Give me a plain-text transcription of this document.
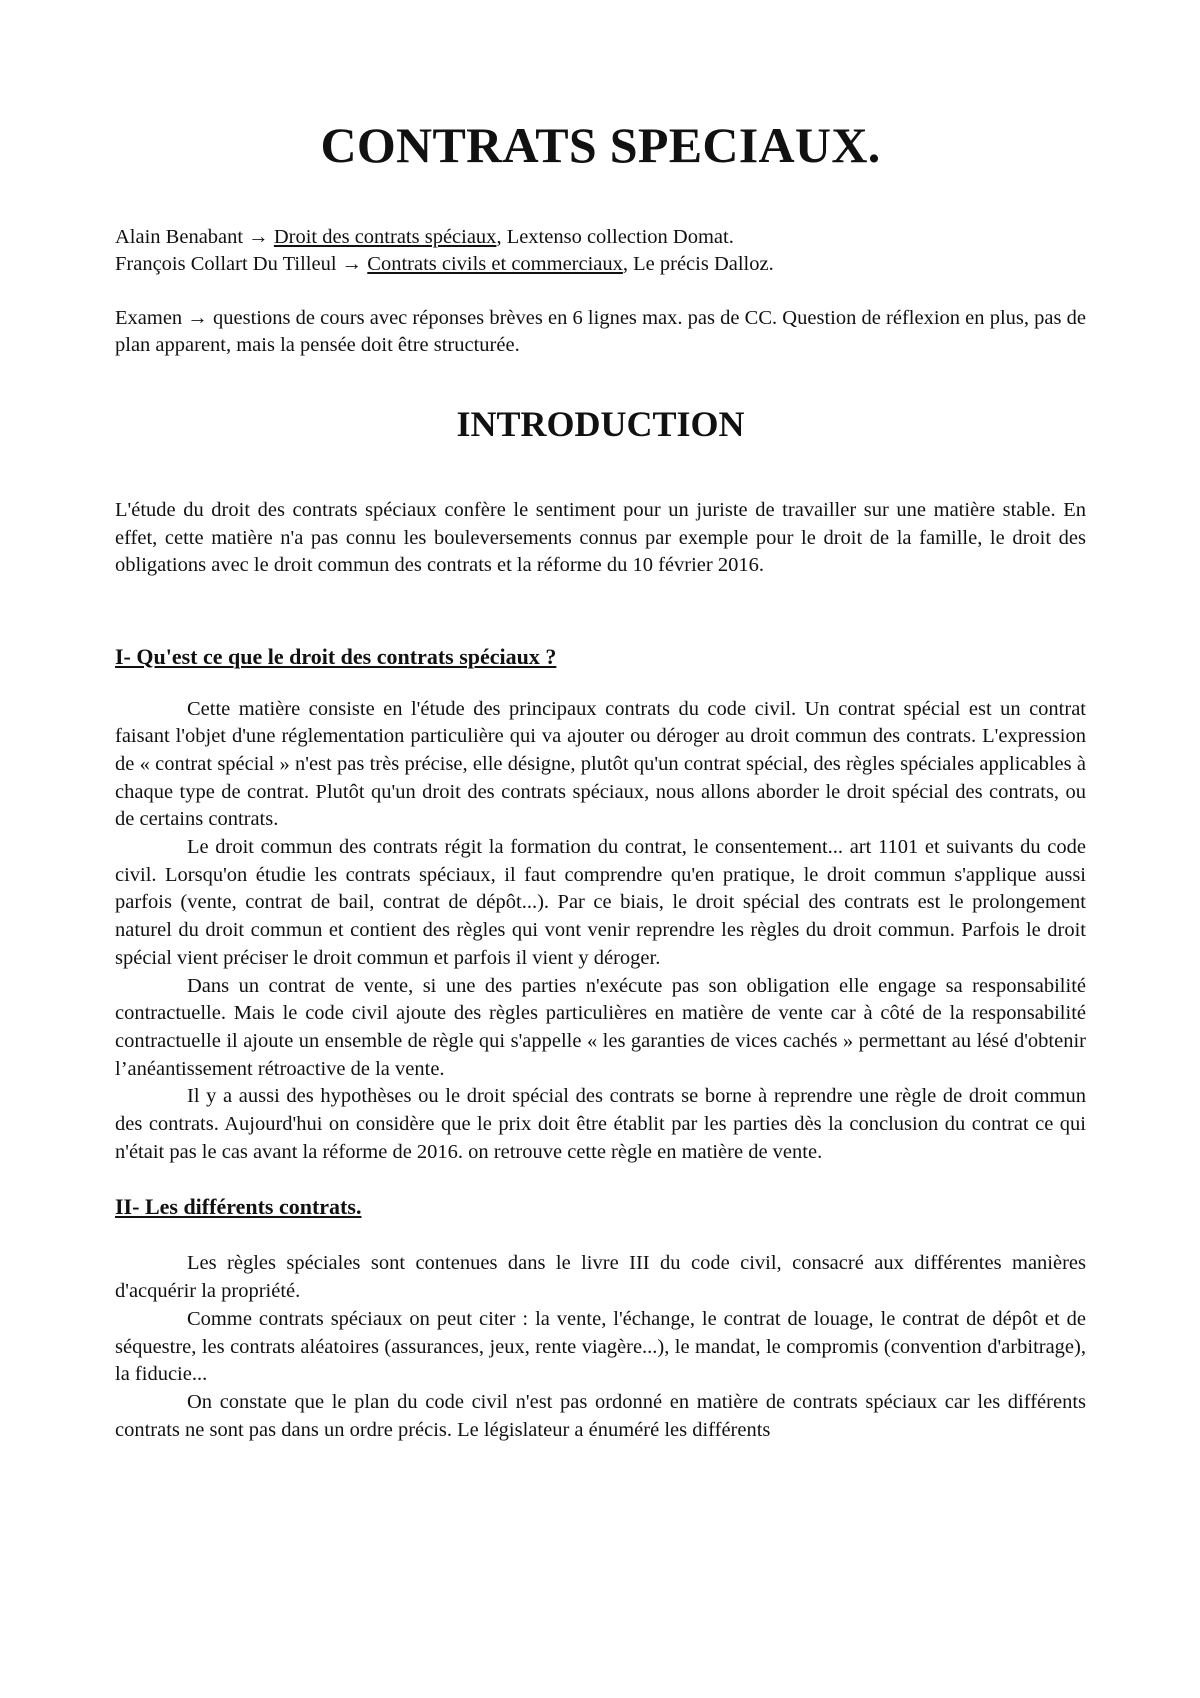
CONTRATS SPECIAUX.
Alain Benabant → Droit des contrats spéciaux, Lextenso collection Domat.
François Collart Du Tilleul → Contrats civils et commerciaux, Le précis Dalloz.
Examen → questions de cours avec réponses brèves en 6 lignes max. pas de CC. Question de réflexion en plus, pas de plan apparent, mais la pensée doit être structurée.
INTRODUCTION
L'étude du droit des contrats spéciaux confère le sentiment pour un juriste de travailler sur une matière stable. En effet, cette matière n'a pas connu les bouleversements connus par exemple pour le droit de la famille, le droit des obligations avec le droit commun des contrats et la réforme du 10 février 2016.
I- Qu'est ce que le droit des contrats spéciaux ?

Cette matière consiste en l'étude des principaux contrats du code civil. Un contrat spécial est un contrat faisant l'objet d'une réglementation particulière qui va ajouter ou déroger au droit commun des contrats. L'expression de « contrat spécial » n'est pas très précise, elle désigne, plutôt qu'un contrat spécial, des règles spéciales applicables à chaque type de contrat. Plutôt qu'un droit des contrats spéciaux, nous allons aborder le droit spécial des contrats, ou de certains contrats.

Le droit commun des contrats régit la formation du contrat, le consentement... art 1101 et suivants du code civil. Lorsqu'on étudie les contrats spéciaux, il faut comprendre qu'en pratique, le droit commun s'applique aussi parfois (vente, contrat de bail, contrat de dépôt...). Par ce biais, le droit spécial des contrats est le prolongement naturel du droit commun et contient des règles qui vont venir reprendre les règles du droit commun. Parfois le droit spécial vient préciser le droit commun et parfois il vient y déroger.

Dans un contrat de vente, si une des parties n'exécute pas son obligation elle engage sa responsabilité contractuelle. Mais le code civil ajoute des règles particulières en matière de vente car à côté de la responsabilité contractuelle il ajoute un ensemble de règle qui s'appelle « les garanties de vices cachés » permettant au lésé d'obtenir l’anéantissement rétroactive de la vente.

Il y a aussi des hypothèses ou le droit spécial des contrats se borne à reprendre une règle de droit commun des contrats. Aujourd'hui on considère que le prix doit être établit par les parties dès la conclusion du contrat ce qui n'était pas le cas avant la réforme de 2016. on retrouve cette règle en matière de vente.

II- Les différents contrats.

Les règles spéciales sont contenues dans le livre III du code civil, consacré aux différentes manières d'acquérir la propriété.

Comme contrats spéciaux on peut citer : la vente, l'échange, le contrat de louage, le contrat de dépôt et de séquestre, les contrats aléatoires (assurances, jeux, rente viagère...), le mandat, le compromis (convention d'arbitrage), la fiducie...

On constate que le plan du code civil n'est pas ordonné en matière de contrats spéciaux car les différents contrats ne sont pas dans un ordre précis. Le législateur a énuméré les différents
